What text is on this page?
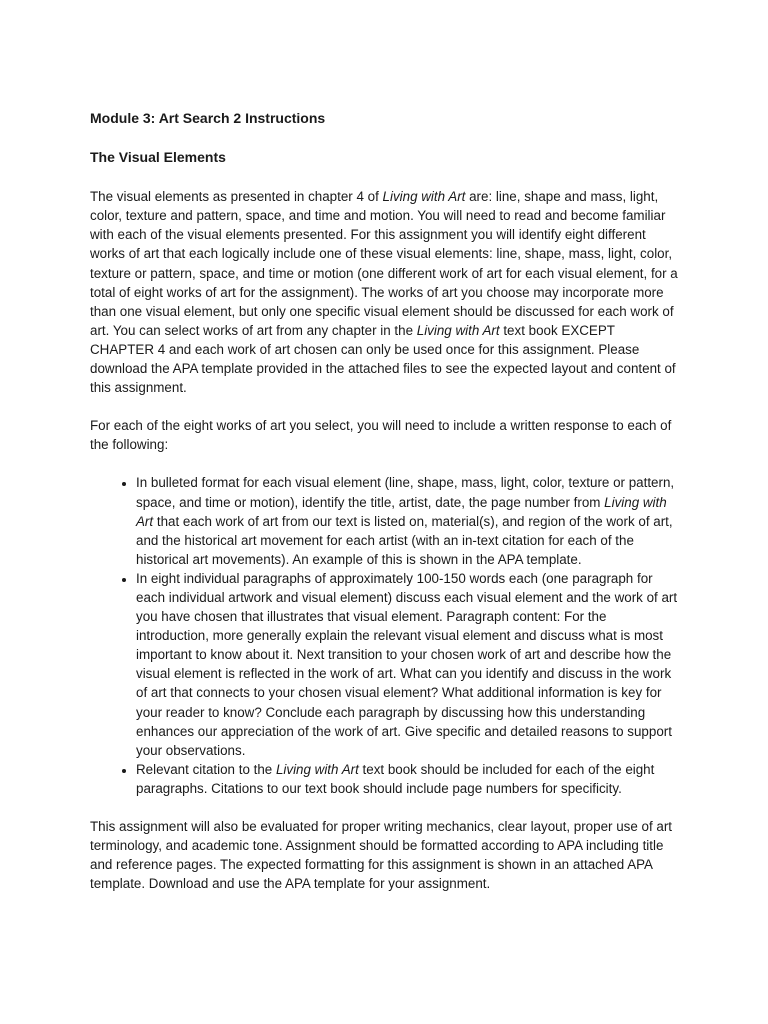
Module 3: Art Search 2 Instructions
The Visual Elements

The visual elements as presented in chapter 4 of Living with Art are: line, shape and mass, light, color, texture and pattern, space, and time and motion. You will need to read and become familiar with each of the visual elements presented. For this assignment you will identify eight different works of art that each logically include one of these visual elements: line, shape, mass, light, color, texture or pattern, space, and time or motion (one different work of art for each visual element, for a total of eight works of art for the assignment). The works of art you choose may incorporate more than one visual element, but only one specific visual element should be discussed for each work of art. You can select works of art from any chapter in the Living with Art text book EXCEPT CHAPTER 4 and each work of art chosen can only be used once for this assignment. Please download the APA template provided in the attached files to see the expected layout and content of this assignment.

For each of the eight works of art you select, you will need to include a written response to each of the following:

• In bulleted format for each visual element (line, shape, mass, light, color, texture or pattern, space, and time or motion), identify the title, artist, date, the page number from Living with Art that each work of art from our text is listed on, material(s), and region of the work of art, and the historical art movement for each artist (with an in-text citation for each of the historical art movements). An example of this is shown in the APA template.
• In eight individual paragraphs of approximately 100-150 words each (one paragraph for each individual artwork and visual element) discuss each visual element and the work of art you have chosen that illustrates that visual element. Paragraph content: For the introduction, more generally explain the relevant visual element and discuss what is most important to know about it. Next transition to your chosen work of art and describe how the visual element is reflected in the work of art. What can you identify and discuss in the work of art that connects to your chosen visual element? What additional information is key for your reader to know? Conclude each paragraph by discussing how this understanding enhances our appreciation of the work of art. Give specific and detailed reasons to support your observations.
• Relevant citation to the Living with Art text book should be included for each of the eight paragraphs. Citations to our text book should include page numbers for specificity.

This assignment will also be evaluated for proper writing mechanics, clear layout, proper use of art terminology, and academic tone. Assignment should be formatted according to APA including title and reference pages. The expected formatting for this assignment is shown in an attached APA template. Download and use the APA template for your assignment.
